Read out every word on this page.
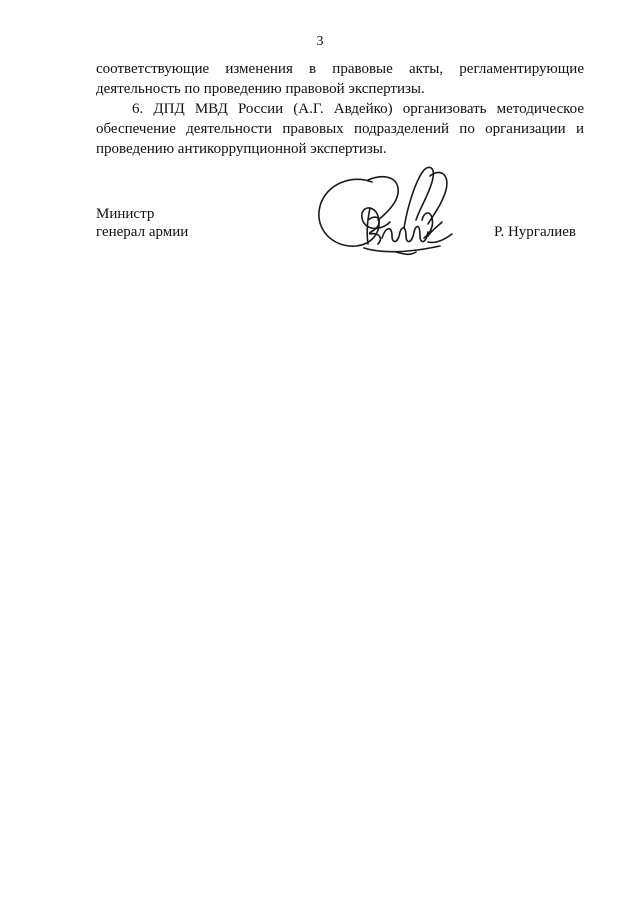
3
соответствующие изменения в правовые акты, регламентирующие
деятельность по проведению правовой экспертизы.
6. ДПД МВД России (А.Г. Авдейко) организовать методическое
обеспечение деятельности правовых подразделений по организации и
проведению антикоррупционной экспертизы.
Министр
генерал армии	Р. Нургалиев
